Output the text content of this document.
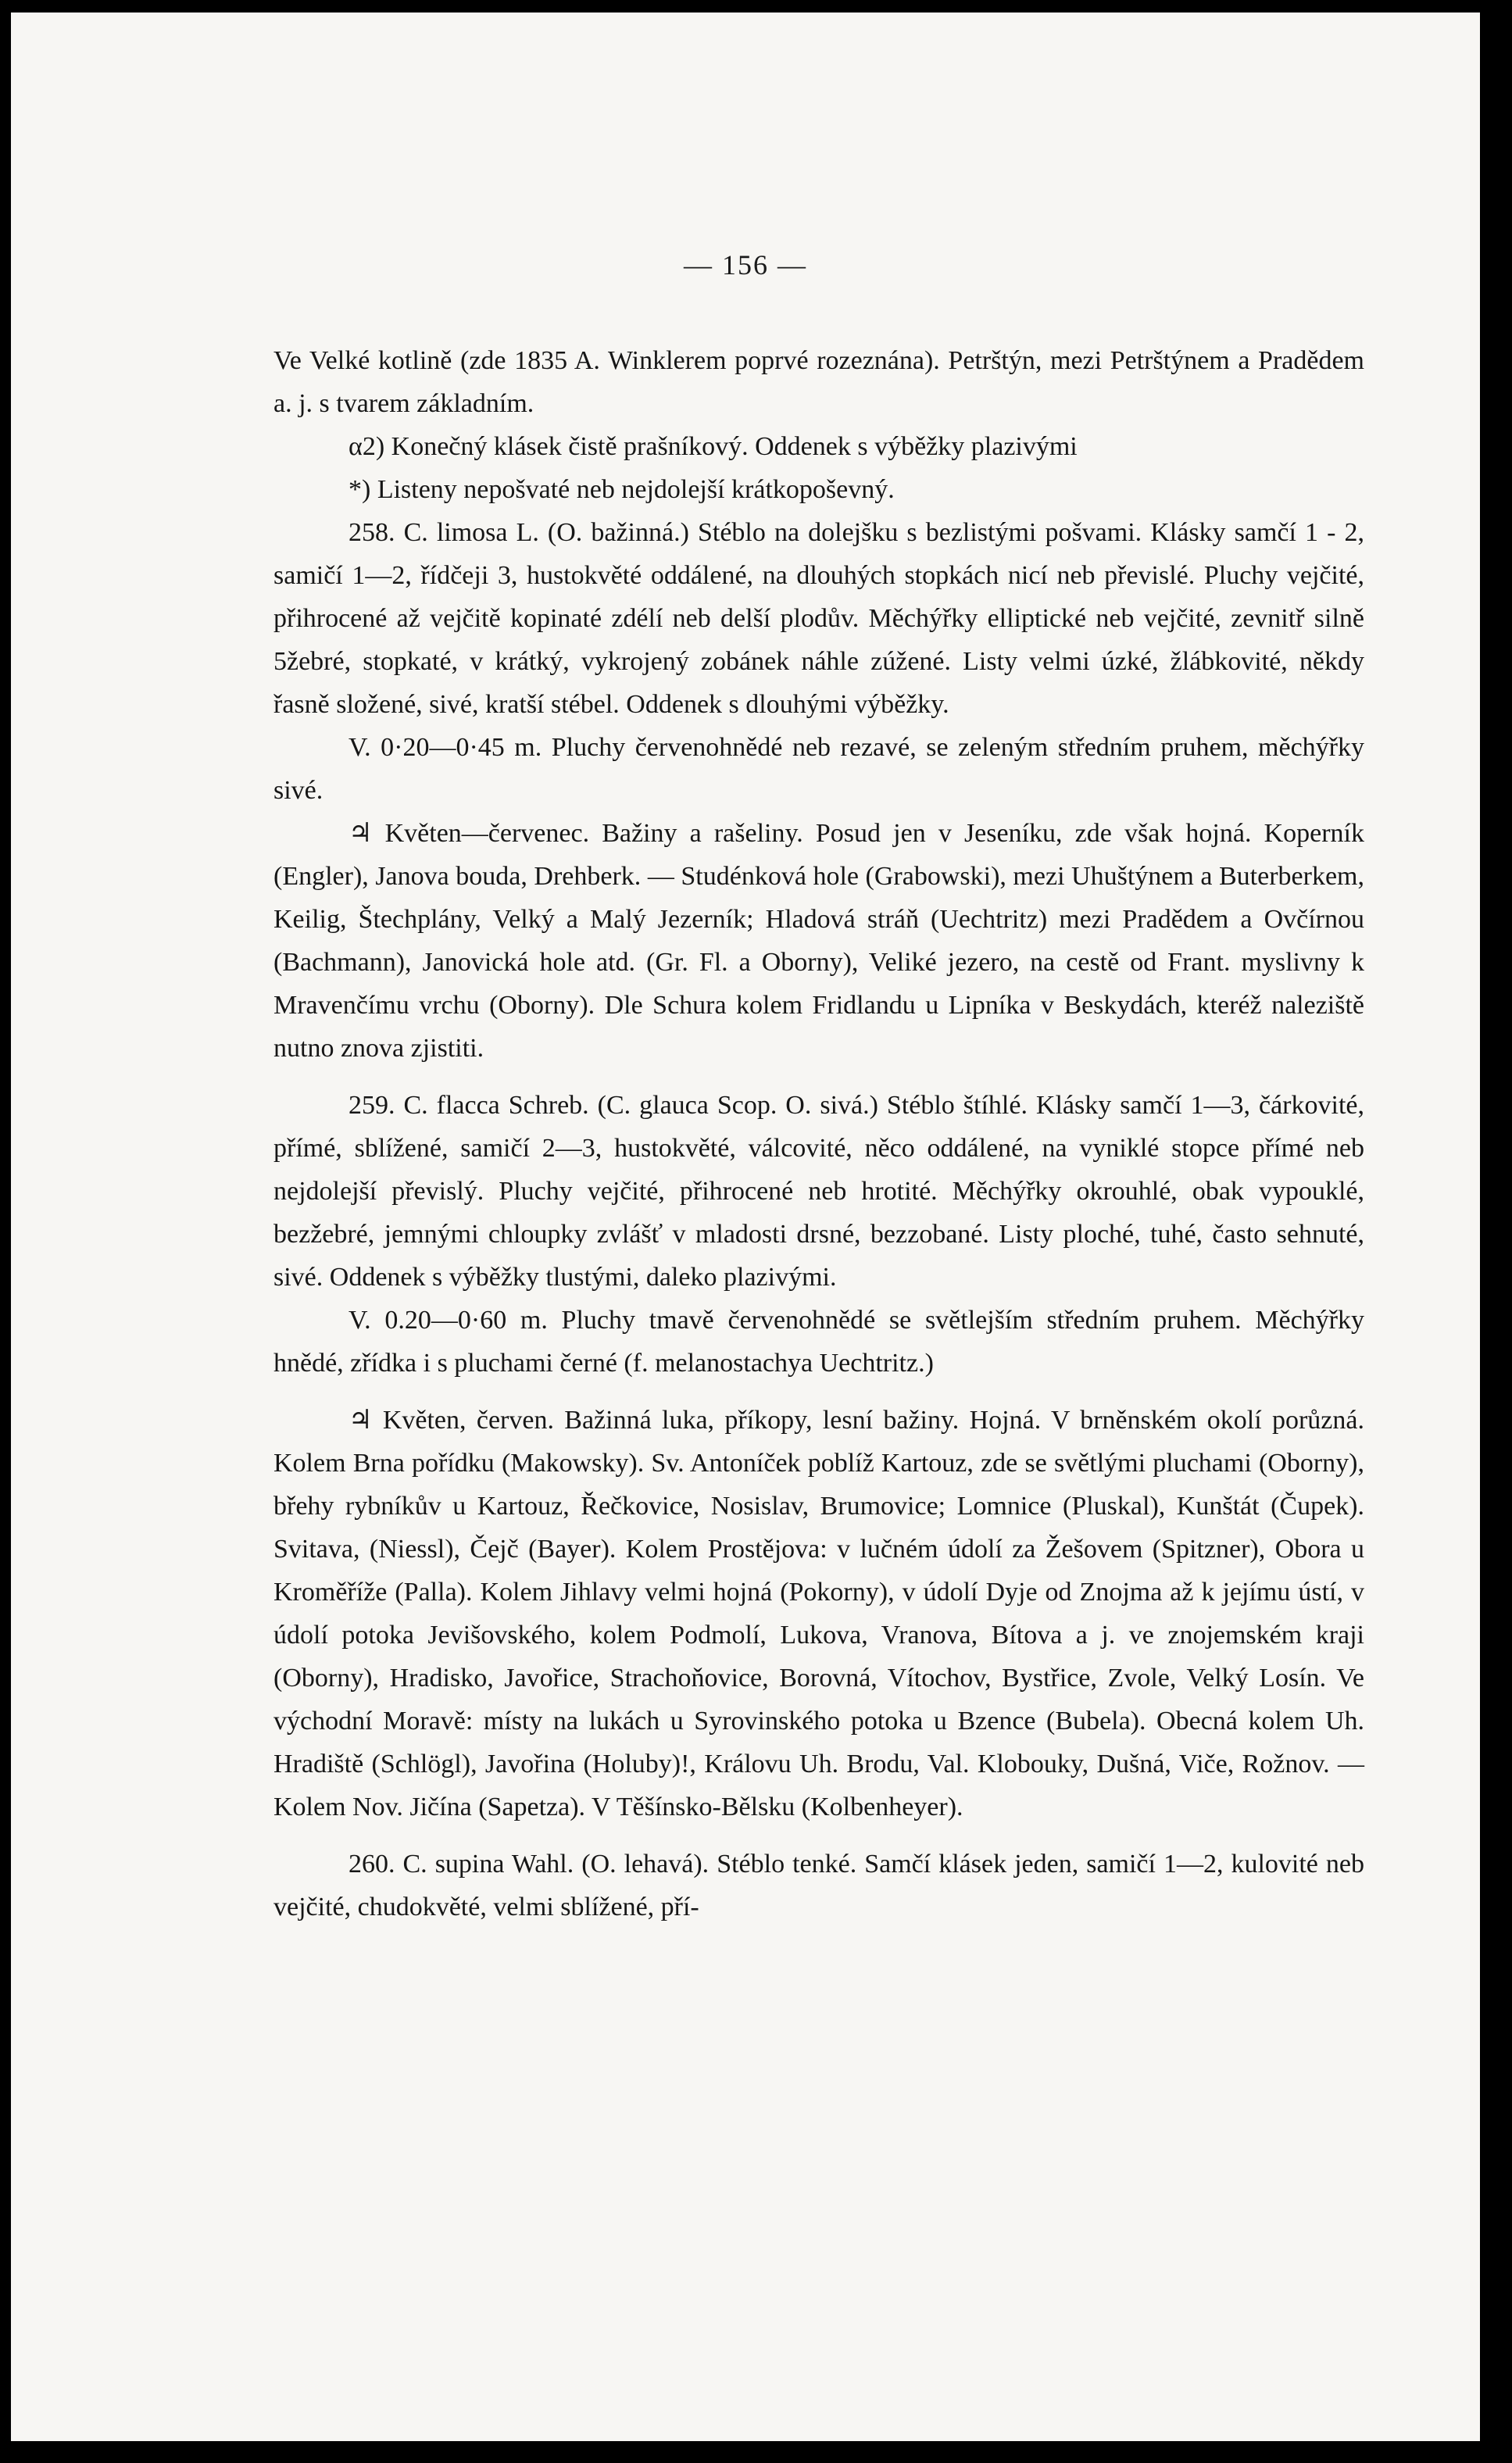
— 156 —

Ve Velké kotlině (zde 1835 A. Winklerem poprvé rozeznána). Petrštýn, mezi Petrštýnem a Pradědem a. j. s tvarem základním.

α2) Konečný klásek čistě prašníkový. Oddenek s výběžky plazivými

*) Listeny nepošvaté neb nejdolejší krátkopoševný.

258. C. limosa L. (O. bažinná.) Stéblo na dolejšku s bezlistými pošvami. Klásky samčí 1 - 2, samičí 1—2, řídčeji 3, hustokvěté oddálené, na dlouhých stopkách nicí neb převislé. Pluchy vejčité, přihrocené až vejčitě kopinaté zdélí neb delší plodův. Měchýřky elliptické neb vejčité, zevnitř silně 5žebré, stopkaté, v krátký, vykrojený zobánek náhle zúžené. Listy velmi úzké, žlábkovité, někdy řasně složené, sivé, kratší stébel. Oddenek s dlouhými výběžky.

V. 0·20—0·45 m. Pluchy červenohnědé neb rezavé, se zeleným středním pruhem, měchýřky sivé.

♃ Květen—červenec. Bažiny a rašeliny. Posud jen v Jeseníku, zde však hojná. Koperník (Engler), Janova bouda, Drehberk. — Studénková hole (Grabowski), mezi Uhuštýnem a Buterberkem, Keilig, Štechplány, Velký a Malý Jezerník; Hladová stráň (Uechtritz) mezi Pradědem a Ovčírnou (Bachmann), Janovická hole atd. (Gr. Fl. a Oborny), Veliké jezero, na cestě od Frant. myslivny k Mravenčímu vrchu (Oborny). Dle Schura kolem Fridlandu u Lipníka v Beskydách, kteréž naleziště nutno znova zjistiti.

259. C. flacca Schreb. (C. glauca Scop. O. sivá.) Stéblo štíhlé. Klásky samčí 1—3, čárkovité, přímé, sblížené, samičí 2—3, hustokvěté, válcovité, něco oddálené, na vyniklé stopce přímé neb nejdolejší převislý. Pluchy vejčité, přihrocené neb hrotité. Měchýřky okrouhlé, obak vypouklé, bezžebré, jemnými chloupky zvlášť v mladosti drsné, bezzobané. Listy ploché, tuhé, často sehnuté, sivé. Oddenek s výběžky tlustými, daleko plazivými.

V. 0.20—0·60 m. Pluchy tmavě červenohnědé se světlejším středním pruhem. Měchýřky hnědé, zřídka i s pluchami černé (f. melanostachya Uechtritz.)

♃ Květen, červen. Bažinná luka, příkopy, lesní bažiny. Hojná. V brněnském okolí porůzná. Kolem Brna pořídku (Makowsky). Sv. Antoníček poblíž Kartouz, zde se světlými pluchami (Oborny), břehy rybníkův u Kartouz, Řečkovice, Nosislav, Brumovice; Lomnice (Pluskal), Kunštát (Čupek). Svitava, (Niessl), Čejč (Bayer). Kolem Prostějova: v lučném údolí za Žešovem (Spitzner), Obora u Kroměříže (Palla). Kolem Jihlavy velmi hojná (Pokorny), v údolí Dyje od Znojma až k jejímu ústí, v údolí potoka Jevišovského, kolem Podmolí, Lukova, Vranova, Bítova a j. ve znojemském kraji (Oborny), Hradisko, Javořice, Strachoňovice, Borovná, Vítochov, Bystřice, Zvole, Velký Losín. Ve východní Moravě: místy na lukách u Syrovinského potoka u Bzence (Bubela). Obecná kolem Uh. Hradiště (Schlögl), Javořina (Holuby)!, Královu Uh. Brodu, Val. Klobouky, Dušná, Viče, Rožnov. — Kolem Nov. Jičína (Sapetza). V Těšínsko-Bělsku (Kolbenheyer).

260. C. supina Wahl. (O. lehavá). Stéblo tenké. Samčí klásek jeden, samičí 1—2, kulovité neb vejčité, chudokvěté, velmi sblížené, pří-
